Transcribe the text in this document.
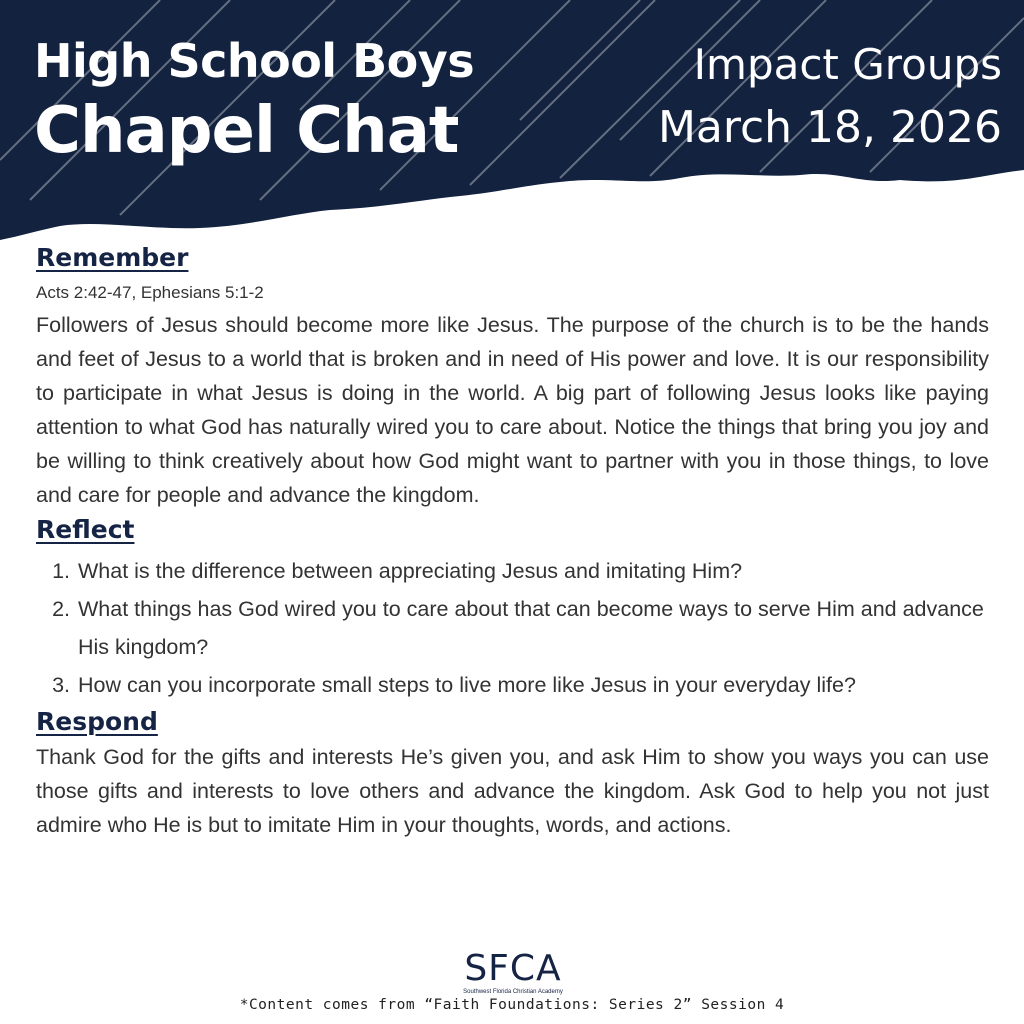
High School Boys
Chapel Chat
Impact Groups
March 18, 2026
Remember

Acts 2:42-47, Ephesians 5:1-2

Followers of Jesus should become more like Jesus. The purpose of the church is to be the hands and feet of Jesus to a world that is broken and in need of His power and love. It is our responsibility to participate in what Jesus is doing in the world. A big part of following Jesus looks like paying attention to what God has naturally wired you to care about. Notice the things that bring you joy and be willing to think creatively about how God might want to partner with you in those things, to love and care for people and advance the kingdom.

Reflect
1. What is the difference between appreciating Jesus and imitating Him?
2. What things has God wired you to care about that can become ways to serve Him and advance His kingdom?
3. How can you incorporate small steps to live more like Jesus in your everyday life?
Respond

Thank God for the gifts and interests He’s given you, and ask Him to show you ways you can use those gifts and interests to love others and advance the kingdom. Ask God to help you not just admire who He is but to imitate Him in your thoughts, words, and actions.

SFCA
Southwest Florida Christian Academy
*Content comes from “Faith Foundations: Series 2” Session 4
